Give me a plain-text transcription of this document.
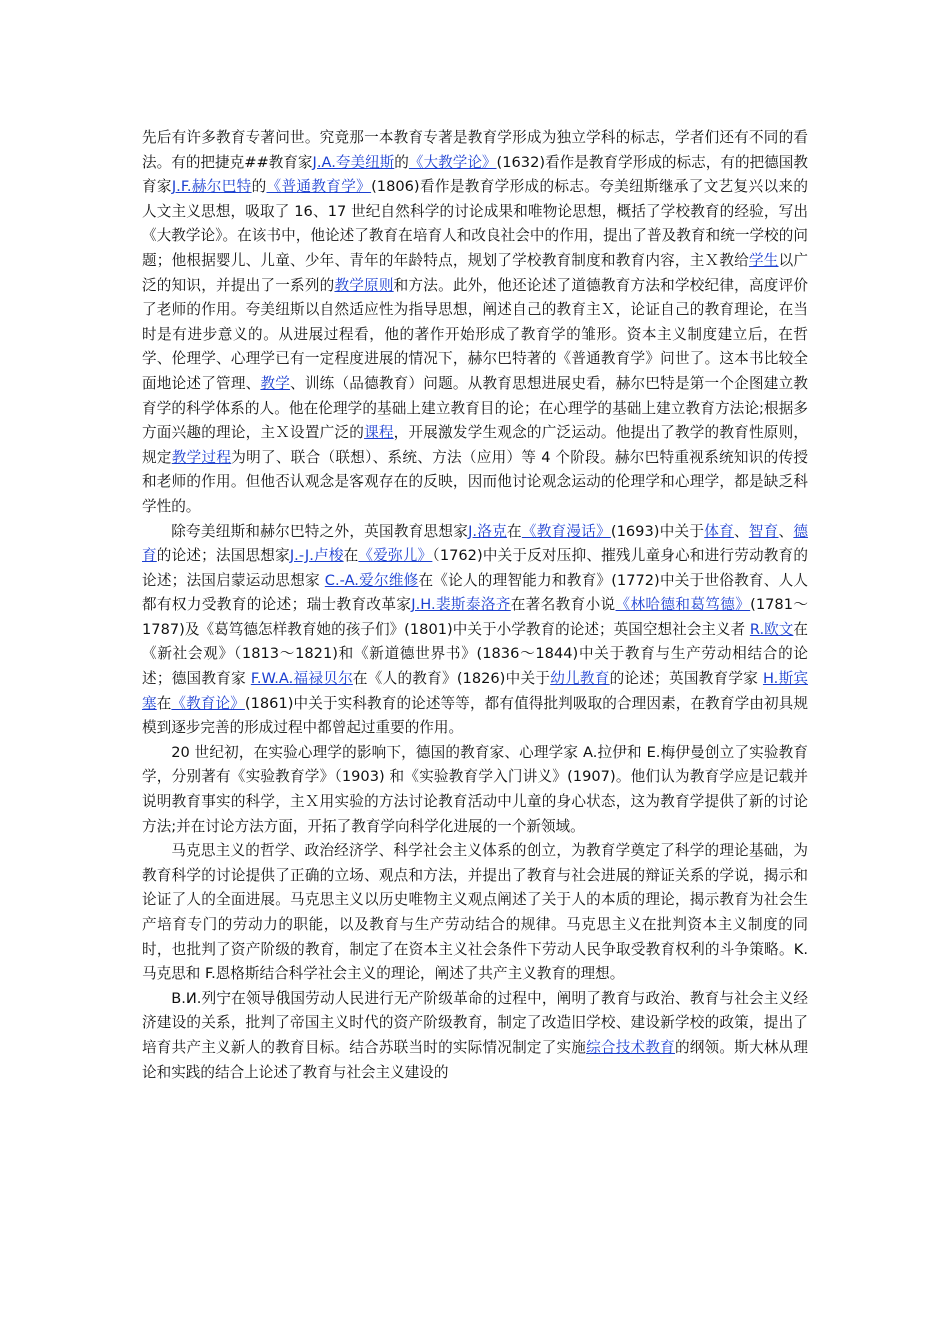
先后有许多教育专著问世。究竟那一本教育专著是教育学形成为独立学科的标志，学者们还有不同的看法。有的把捷克##教育家J.A.夸美纽斯的《大教学论》(1632)看作是教育学形成的标志，有的把德国教育家J.F.赫尔巴特的《普通教育学》(1806)看作是教育学形成的标志。夸美纽斯继承了文艺复兴以来的人文主义思想，吸取了 16、17 世纪自然科学的讨论成果和唯物论思想，概括了学校教育的经验，写出《大教学论》。在该书中，他论述了教育在培育人和改良社会中的作用，提出了普及教育和统一学校的问题；他根据婴儿、儿童、少年、青年的年龄特点，规划了学校教育制度和教育内容，主Ｘ教给学生以广泛的知识，并提出了一系列的教学原则和方法。此外，他还论述了道德教育方法和学校纪律，高度评价了老师的作用。夸美纽斯以自然适应性为指导思想，阐述自己的教育主Ｘ，论证自己的教育理论，在当时是有进步意义的。从进展过程看，他的著作开始形成了教育学的雏形。资本主义制度建立后，在哲学、伦理学、心理学已有一定程度进展的情况下，赫尔巴特著的《普通教育学》问世了。这本书比较全面地论述了管理、教学、训练（品德教育）问题。从教育思想进展史看，赫尔巴特是第一个企图建立教育学的科学体系的人。他在伦理学的基础上建立教育目的论；在心理学的基础上建立教育方法论;根据多方面兴趣的理论，主Ｘ设置广泛的课程，开展激发学生观念的广泛运动。他提出了教学的教育性原则，规定教学过程为明了、联合（联想）、系统、方法（应用）等 4 个阶段。赫尔巴特重视系统知识的传授和老师的作用。但他否认观念是客观存在的反映，因而他讨论观念运动的伦理学和心理学，都是缺乏科学性的。

除夸美纽斯和赫尔巴特之外，英国教育思想家J.洛克在《教育漫话》(1693)中关于体育、智育、德育的论述；法国思想家J.-J.卢梭在《爱弥儿》（1762)中关于反对压抑、摧残儿童身心和进行劳动教育的论述；法国启蒙运动思想家 C.-A.爱尔维修在《论人的理智能力和教育》(1772)中关于世俗教育、人人都有权力受教育的论述；瑞士教育改革家J.H.裴斯泰洛齐在著名教育小说《林哈德和葛笃德》(1781～1787)及《葛笃德怎样教育她的孩子们》(1801)中关于小学教育的论述；英国空想社会主义者 R.欧文在《新社会观》（1813～1821)和《新道德世界书》(1836～1844)中关于教育与生产劳动相结合的论述；德国教育家 F.W.A.福禄贝尔在《人的教育》(1826)中关于幼儿教育的论述；英国教育学家 H.斯宾塞在《教育论》(1861)中关于实科教育的论述等等，都有值得批判吸取的合理因素，在教育学由初具规模到逐步完善的形成过程中都曾起过重要的作用。

20 世纪初，在实验心理学的影响下，德国的教育家、心理学家 A.拉伊和 E.梅伊曼创立了实验教育学，分别著有《实验教育学》（1903) 和《实验教育学入门讲义》(1907)。他们认为教育学应是记载并说明教育事实的科学，主Ｘ用实验的方法讨论教育活动中儿童的身心状态，这为教育学提供了新的讨论方法;并在讨论方法方面，开拓了教育学向科学化进展的一个新领域。

马克思主义的哲学、政治经济学、科学社会主义体系的创立，为教育学奠定了科学的理论基础，为教育科学的讨论提供了正确的立场、观点和方法，并提出了教育与社会进展的辩证关系的学说，揭示和论证了人的全面进展。马克思主义以历史唯物主义观点阐述了关于人的本质的理论，揭示教育为社会生产培育专门的劳动力的职能，以及教育与生产劳动结合的规律。马克思主义在批判资本主义制度的同时，也批判了资产阶级的教育，制定了在资本主义社会条件下劳动人民争取受教育权利的斗争策略。K.马克思和 F.恩格斯结合科学社会主义的理论，阐述了共产主义教育的理想。

B.И.列宁在领导俄国劳动人民进行无产阶级革命的过程中，阐明了教育与政治、教育与社会主义经济建设的关系，批判了帝国主义时代的资产阶级教育，制定了改造旧学校、建设新学校的政策，提出了培育共产主义新人的教育目标。结合苏联当时的实际情况制定了实施综合技术教育的纲领。斯大林从理论和实践的结合上论述了教育与社会主义建设的
